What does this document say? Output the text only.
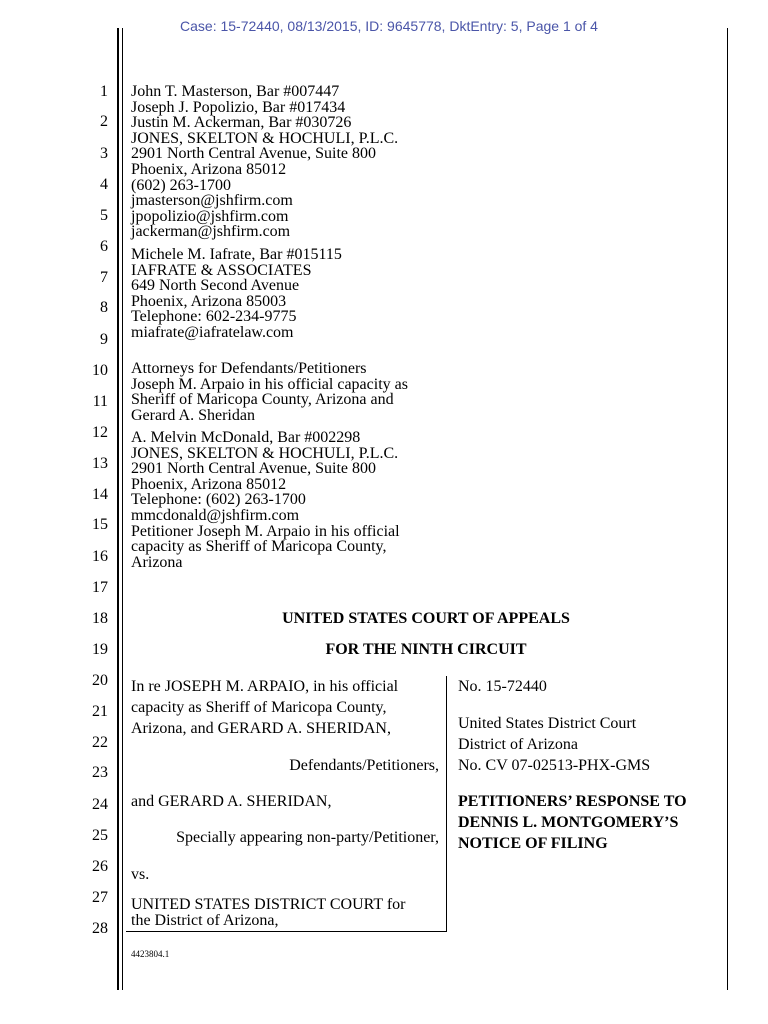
Case: 15-72440, 08/13/2015, ID: 9645778, DktEntry: 5, Page 1 of 4
1
2
3
4
5
6
7
8
9
10
11
12
13
14
15
16
17
18
19
20
21
22
23
24
25
26
27
28
John T. Masterson, Bar #007447
Joseph J. Popolizio, Bar #017434
Justin M. Ackerman, Bar #030726
JONES, SKELTON & HOCHULI, P.L.C.
2901 North Central Avenue, Suite 800
Phoenix, Arizona 85012
(602) 263-1700
jmasterson@jshfirm.com
jpopolizio@jshfirm.com
jackerman@jshfirm.com
Michele M. Iafrate, Bar #015115
IAFRATE & ASSOCIATES
649 North Second Avenue
Phoenix, Arizona 85003
Telephone: 602-234-9775
miafrate@iafratelaw.com
Attorneys for Defendants/Petitioners
Joseph M. Arpaio in his official capacity as
Sheriff of Maricopa County, Arizona and
Gerard A. Sheridan
A. Melvin McDonald, Bar #002298
JONES, SKELTON & HOCHULI, P.L.C.
2901 North Central Avenue, Suite 800
Phoenix, Arizona 85012
Telephone: (602) 263-1700
mmcdonald@jshfirm.com
Petitioner Joseph M. Arpaio in his official
capacity as Sheriff of Maricopa County,
Arizona
UNITED STATES COURT OF APPEALS
FOR THE NINTH CIRCUIT
In re JOSEPH M. ARPAIO, in his official
capacity as Sheriff of Maricopa County,
Arizona, and GERARD A. SHERIDAN,
Defendants/Petitioners,
and GERARD A. SHERIDAN,
Specially appearing non-party/Petitioner,
vs.
UNITED STATES DISTRICT COURT for
the District of Arizona,
No. 15-72440
United States District Court
District of Arizona
No. CV 07-02513-PHX-GMS
PETITIONERS’ RESPONSE TO
DENNIS L. MONTGOMERY’S
NOTICE OF FILING
4423804.1
